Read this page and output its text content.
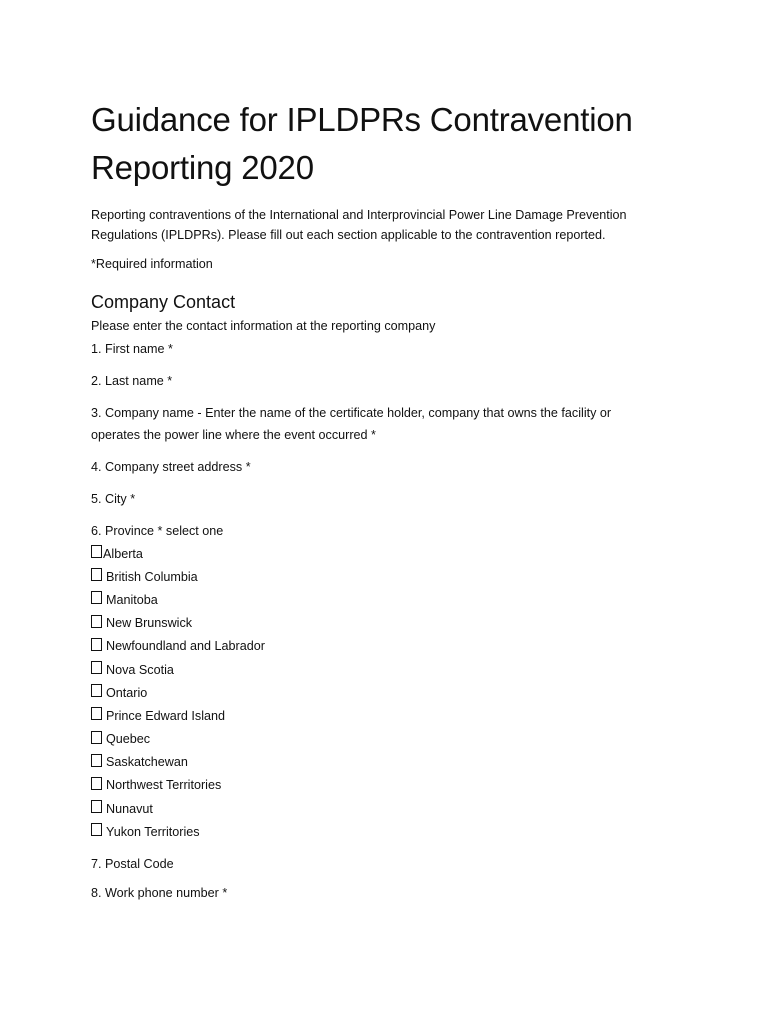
Guidance for IPLDPRs Contravention Reporting 2020
Reporting contraventions of the International and Interprovincial Power Line Damage Prevention Regulations (IPLDPRs). Please fill out each section applicable to the contravention reported.
*Required information
Company Contact
Please enter the contact information at the reporting company
1. First name *
2. Last name *
3. Company name - Enter the name of the certificate holder, company that owns the facility or operates the power line where the event occurred *
4. Company street address *
5. City *
6. Province * select one
Alberta
British Columbia
Manitoba
New Brunswick
Newfoundland and Labrador
Nova Scotia
Ontario
Prince Edward Island
Quebec
Saskatchewan
Northwest Territories
Nunavut
Yukon Territories
7. Postal Code
8. Work phone number *
